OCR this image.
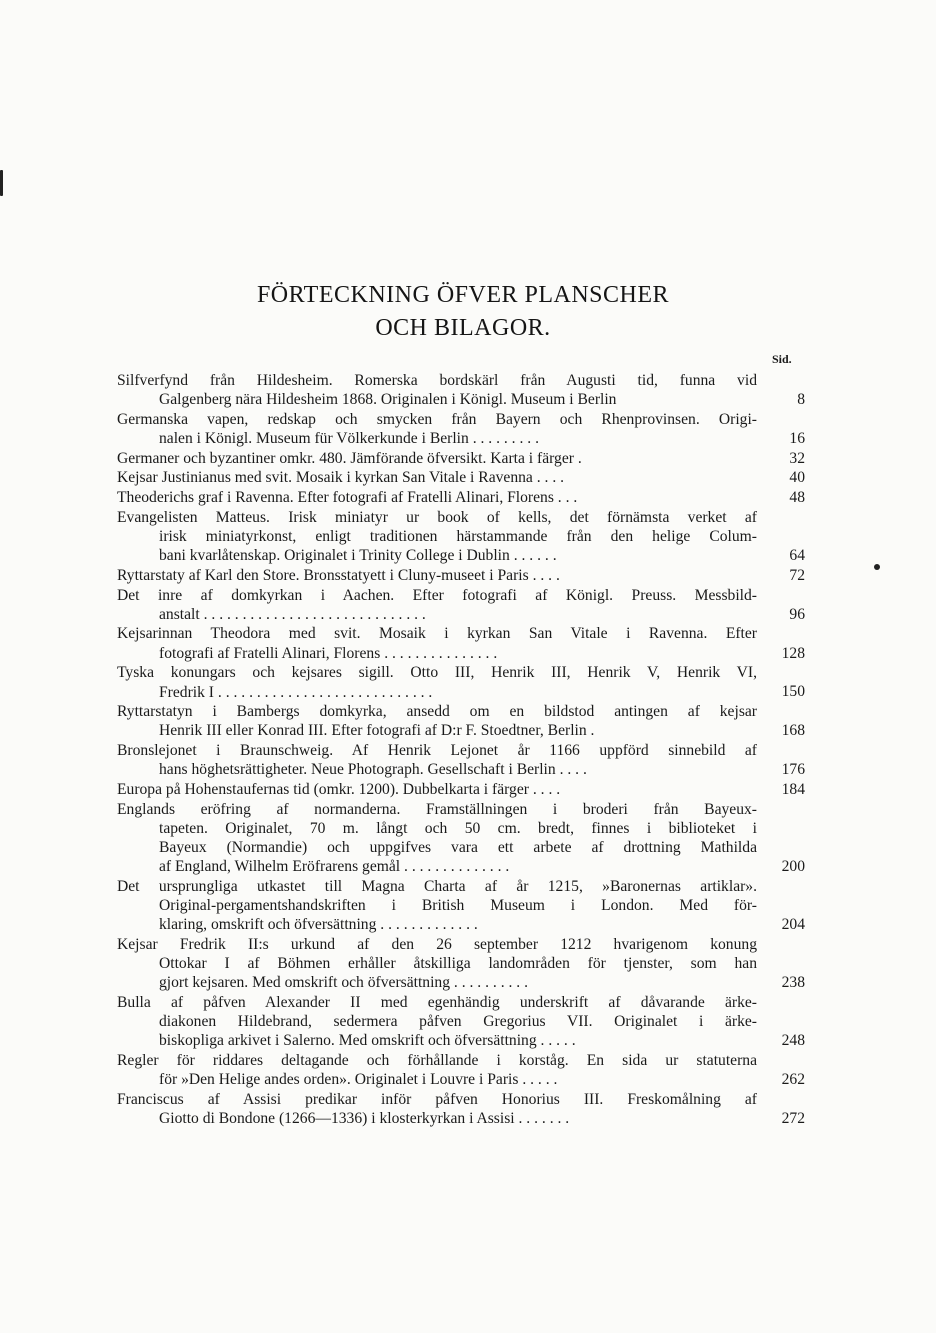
FÖRTECKNING ÖFVER PLANSCHER
OCH BILAGOR.
Sid.
Silfverfynd från Hildesheim. Romerska bordskärl från Augusti tid, funna vid
Galgenberg nära Hildesheim 1868. Originalen i Königl. Museum i Berlin	8
Germanska vapen, redskap och smycken från Bayern och Rhenprovinsen. Origi-
nalen i Königl. Museum für Völkerkunde i Berlin . . . . . . . . .	16
Germaner och byzantiner omkr. 480. Jämförande öfversikt. Karta i färger .	32
Kejsar Justinianus med svit. Mosaik i kyrkan San Vitale i Ravenna . . . .	40
Theoderichs graf i Ravenna. Efter fotografi af Fratelli Alinari, Florens . . .	48
Evangelisten Matteus. Irisk miniatyr ur book of kells, det förnämsta verket af
irisk miniatyrkonst, enligt traditionen härstammande från den helige Colum-
bani kvarlåtenskap. Originalet i Trinity College i Dublin . . . . . .	64
Ryttarstaty af Karl den Store. Bronsstatyett i Cluny-museet i Paris . . . .	72
Det inre af domkyrkan i Aachen. Efter fotografi af Königl. Preuss. Messbild-
anstalt . . . . . . . . . . . . . . . . . . . . . . . . . . . . .	96
Kejsarinnan Theodora med svit. Mosaik i kyrkan San Vitale i Ravenna. Efter
fotografi af Fratelli Alinari, Florens . . . . . . . . . . . . . . .	128
Tyska konungars och kejsares sigill. Otto III, Henrik III, Henrik V, Henrik VI,
Fredrik I . . . . . . . . . . . . . . . . . . . . . . . . . . . .	150
Ryttarstatyn i Bambergs domkyrka, ansedd om en bildstod antingen af kejsar
Henrik III eller Konrad III. Efter fotografi af D:r F. Stoedtner, Berlin .	168
Bronslejonet i Braunschweig. Af Henrik Lejonet år 1166 uppförd sinnebild af
hans höghetsrättigheter. Neue Photograph. Gesellschaft i Berlin . . . .	176
Europa på Hohenstaufernas tid (omkr. 1200). Dubbelkarta i färger . . . .	184
Englands eröfring af normanderna. Framställningen i broderi från Bayeux-
tapeten. Originalet, 70 m. långt och 50 cm. bredt, finnes i biblioteket i
Bayeux (Normandie) och uppgifves vara ett arbete af drottning Mathilda
af England, Wilhelm Eröfrarens gemål . . . . . . . . . . . . . .	200
Det ursprungliga utkastet till Magna Charta af år 1215, »Baronernas artiklar».
Original-pergamentshandskriften i British Museum i London. Med för-
klaring, omskrift och öfversättning . . . . . . . . . . . . .	204
Kejsar Fredrik II:s urkund af den 26 september 1212 hvarigenom konung
Ottokar I af Böhmen erhåller åtskilliga landområden för tjenster, som han
gjort kejsaren. Med omskrift och öfversättning . . . . . . . . . .	238
Bulla af påfven Alexander II med egenhändig underskrift af dåvarande ärke-
diakonen Hildebrand, sedermera påfven Gregorius VII. Originalet i ärke-
biskopliga arkivet i Salerno. Med omskrift och öfversättning . . . . .	248
Regler för riddares deltagande och förhållande i korståg. En sida ur statuterna
för »Den Helige andes orden». Originalet i Louvre i Paris . . . . .	262
Franciscus af Assisi predikar inför påfven Honorius III. Freskomålning af
Giotto di Bondone (1266—1336) i klosterkyrkan i Assisi . . . . . . .	272
